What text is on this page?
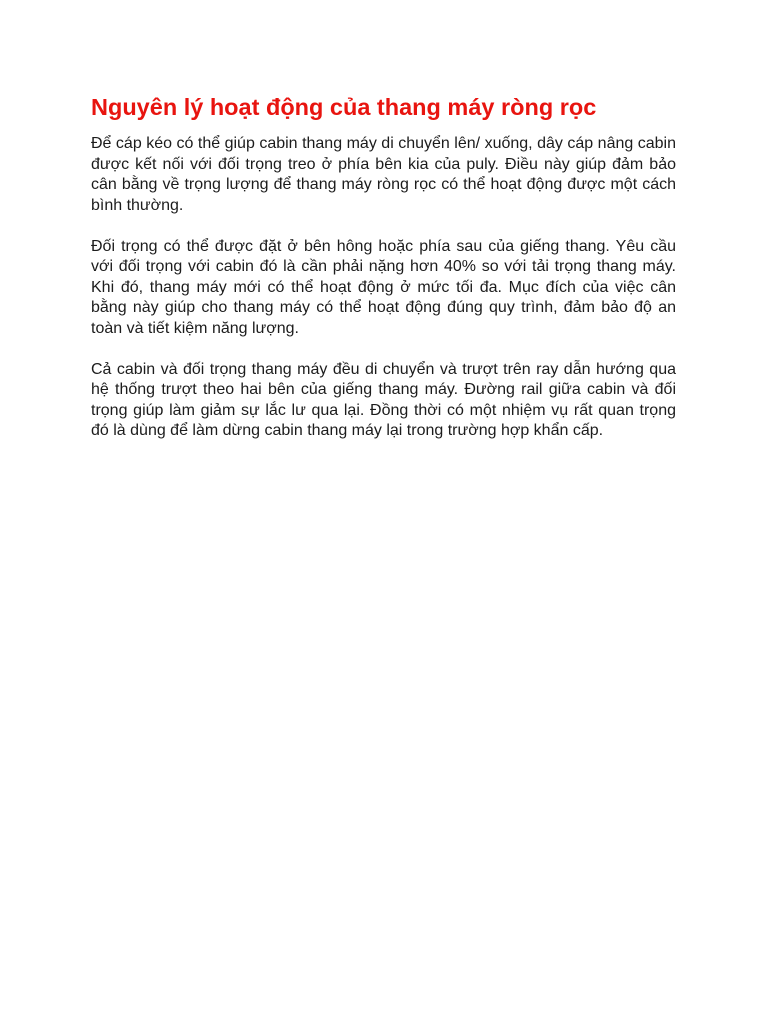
Nguyên lý hoạt động của thang máy ròng rọc

Để cáp kéo có thể giúp cabin thang máy di chuyển lên/ xuống, dây cáp nâng cabin được kết nối với đối trọng treo ở phía bên kia của puly. Điều này giúp đảm bảo cân bằng về trọng lượng để thang máy ròng rọc có thể hoạt động được một cách bình thường.

Đối trọng có thể được đặt ở bên hông hoặc phía sau của giếng thang. Yêu cầu với đối trọng với cabin đó là cần phải nặng hơn 40% so với tải trọng thang máy. Khi đó, thang máy mới có thể hoạt động ở mức tối đa. Mục đích của việc cân bằng này giúp cho thang máy có thể hoạt động đúng quy trình, đảm bảo độ an toàn và tiết kiệm năng lượng.

Cả cabin và đối trọng thang máy đều di chuyển và trượt trên ray dẫn hướng qua hệ thống trượt theo hai bên của giếng thang máy. Đường rail giữa cabin và đối trọng giúp làm giảm sự lắc lư qua lại. Đồng thời có một nhiệm vụ rất quan trọng đó là dùng để làm dừng cabin thang máy lại trong trường hợp khẩn cấp.
